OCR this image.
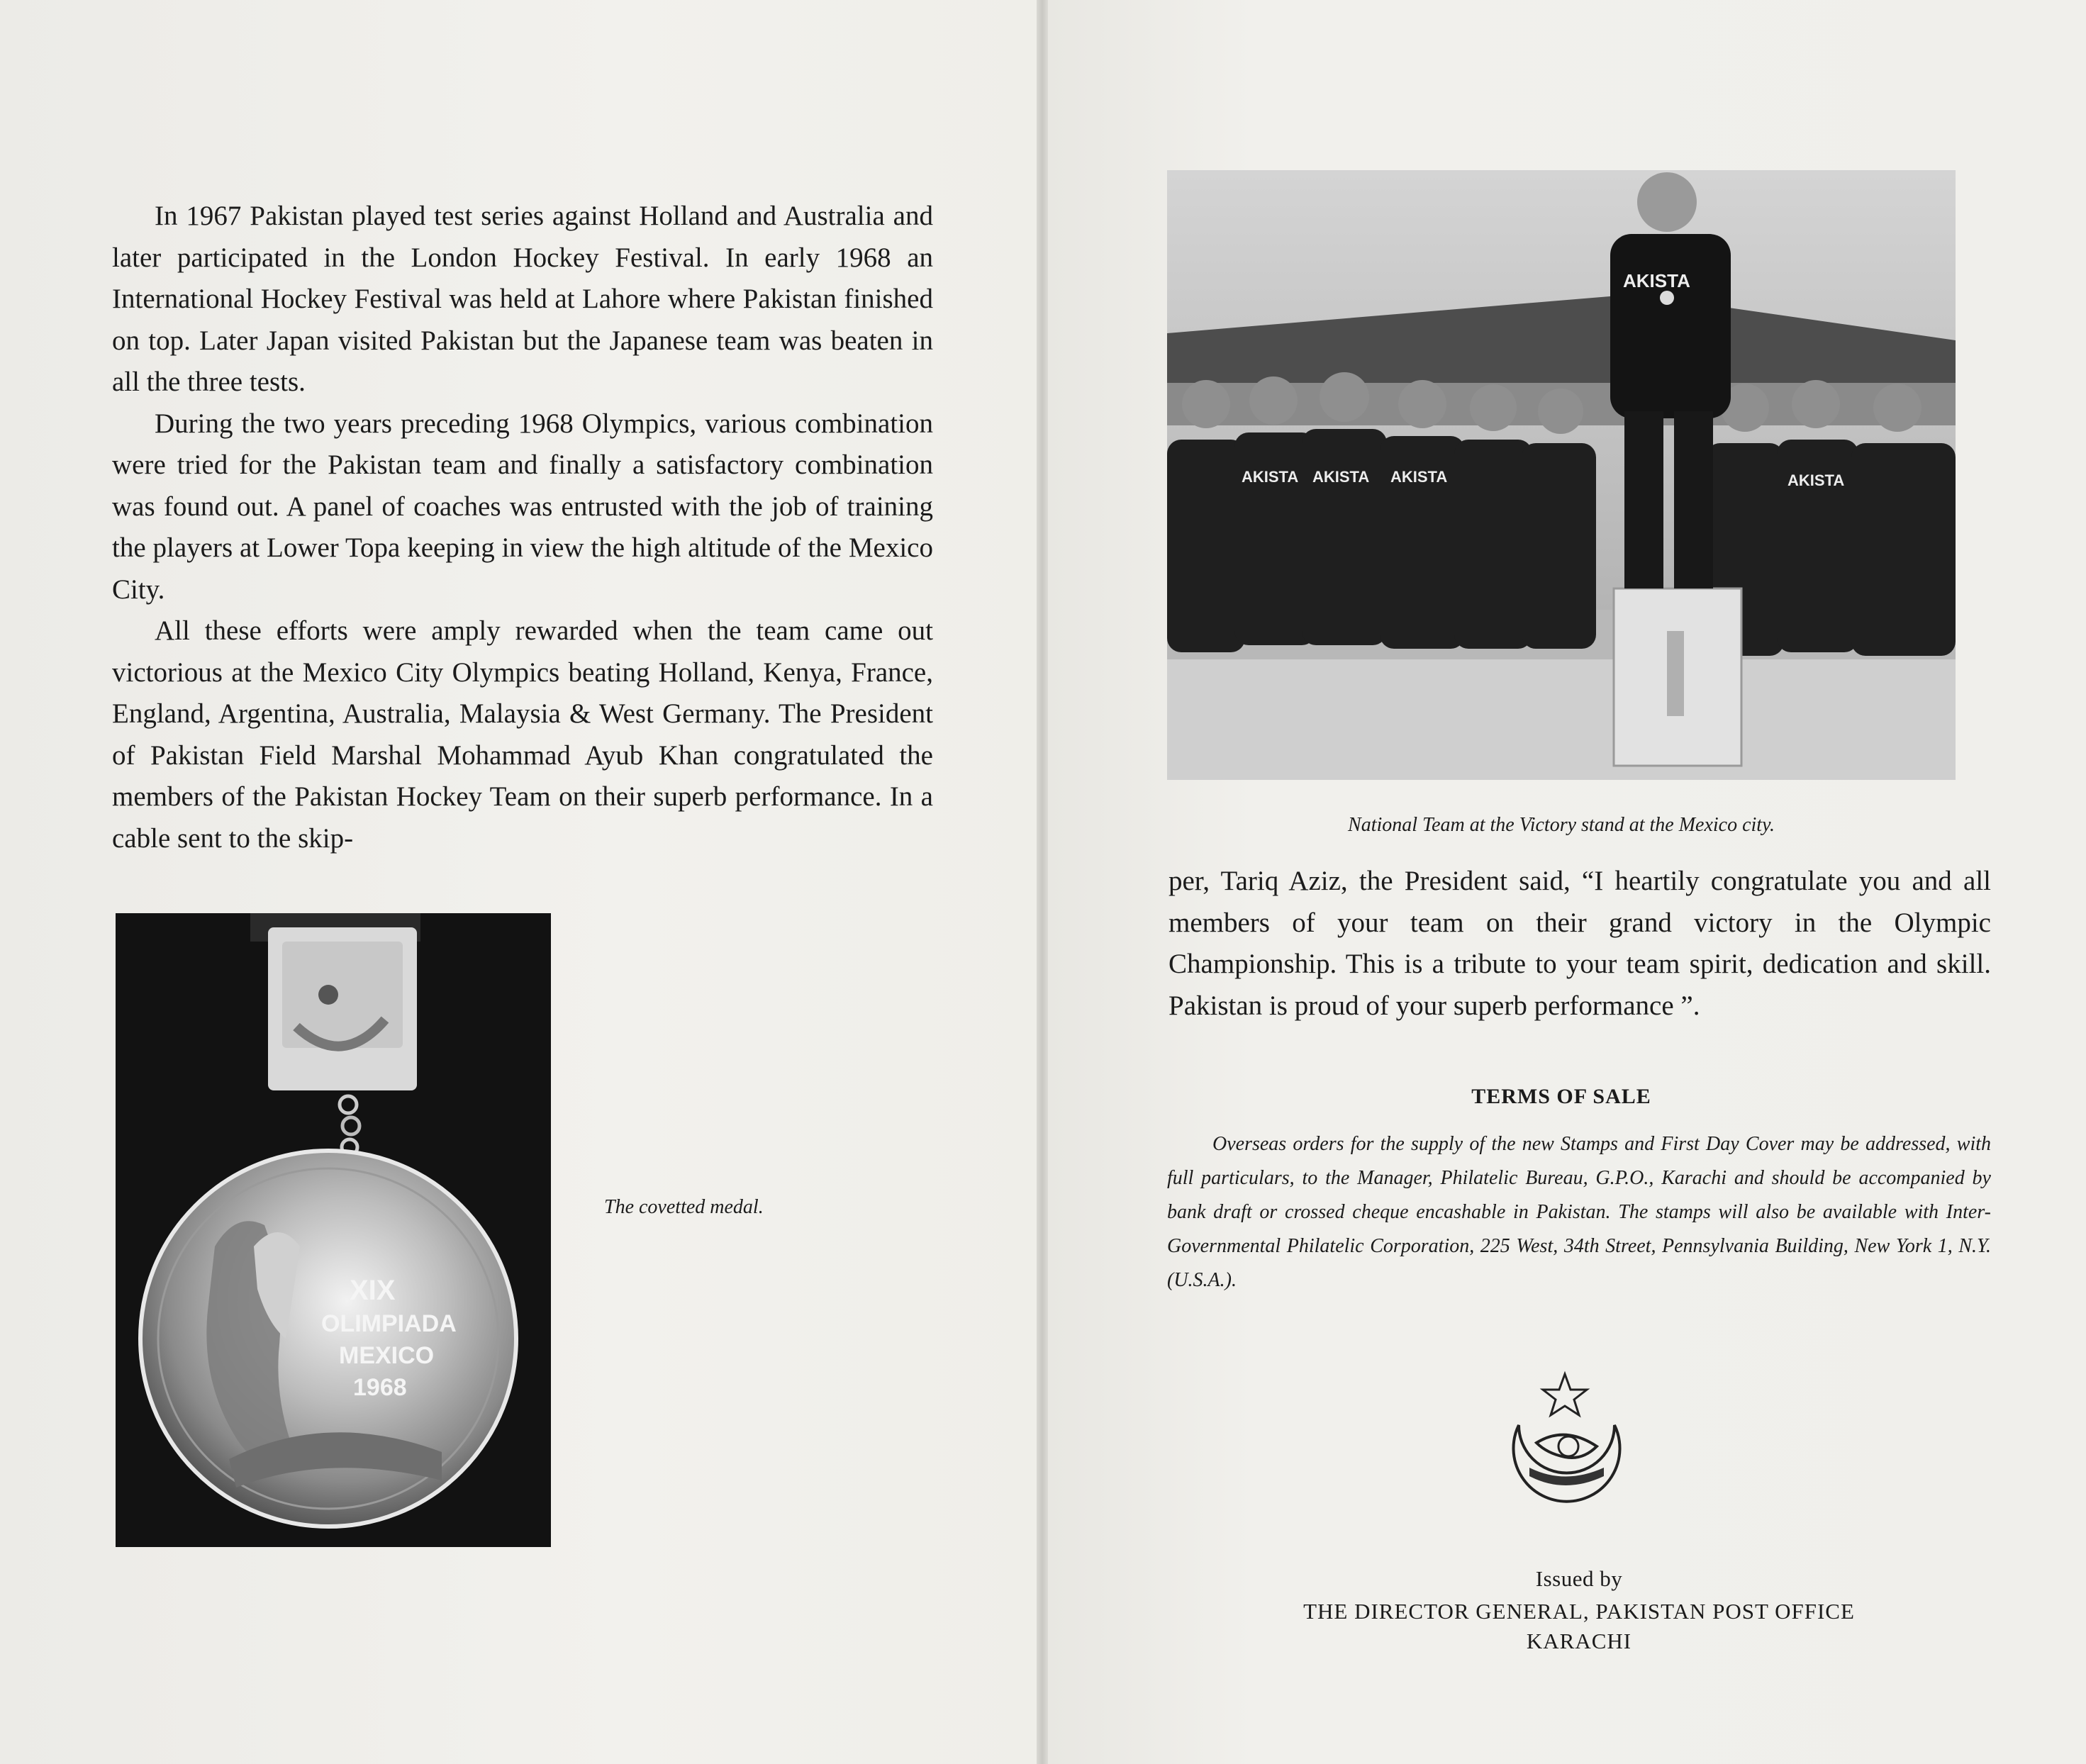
In 1967 Pakistan played test series against Holland and Australia and later participated in the London Hockey Festival. In early 1968 an International Hockey Festival was held at Lahore where Pakistan finished on top. Later Japan visited Pakistan but the Japanese team was beaten in all the three tests.

During the two years preceding 1968 Olympics, various combination were tried for the Pakistan team and finally a satisfactory combination was found out. A panel of coaches was entrusted with the job of training the players at Lower Topa keeping in view the high altitude of the Mexico City.

All these efforts were amply rewarded when the team came out victorious at the Mexico City Olympics beating Holland, Kenya, France, England, Argentina, Australia, Malaysia & West Germany. The President of Pakistan Field Marshal Mohammad Ayub Khan congratulated the members of the Pakistan Hockey Team on their superb performance. In a cable sent to the skip-

XIX
OLIMPIADA
MEXICO
1968
The covetted medal.
AKISTA AKISTA AKISTA	AKISTA
AKISTA
National Team at the Victory stand at the Mexico city.

per, Tariq Aziz, the President said, “I heartily congratulate you and all members of your team on their grand victory in the Olympic Championship. This is a tribute to your team spirit, dedication and skill. Pakistan is proud of your superb performance ”.

TERMS OF SALE

Overseas orders for the supply of the new Stamps and First Day Cover may be addressed, with full particulars, to the Manager, Philatelic Bureau, G.P.O., Karachi and should be accompanied by bank draft or crossed cheque encashable in Pakistan. The stamps will also be available with Inter-Governmental Philatelic Corporation, 225 West, 34th Street, Pennsylvania Building, New York 1, N.Y. (U.S.A.).

Issued by
THE DIRECTOR GENERAL, PAKISTAN POST OFFICE
KARACHI
